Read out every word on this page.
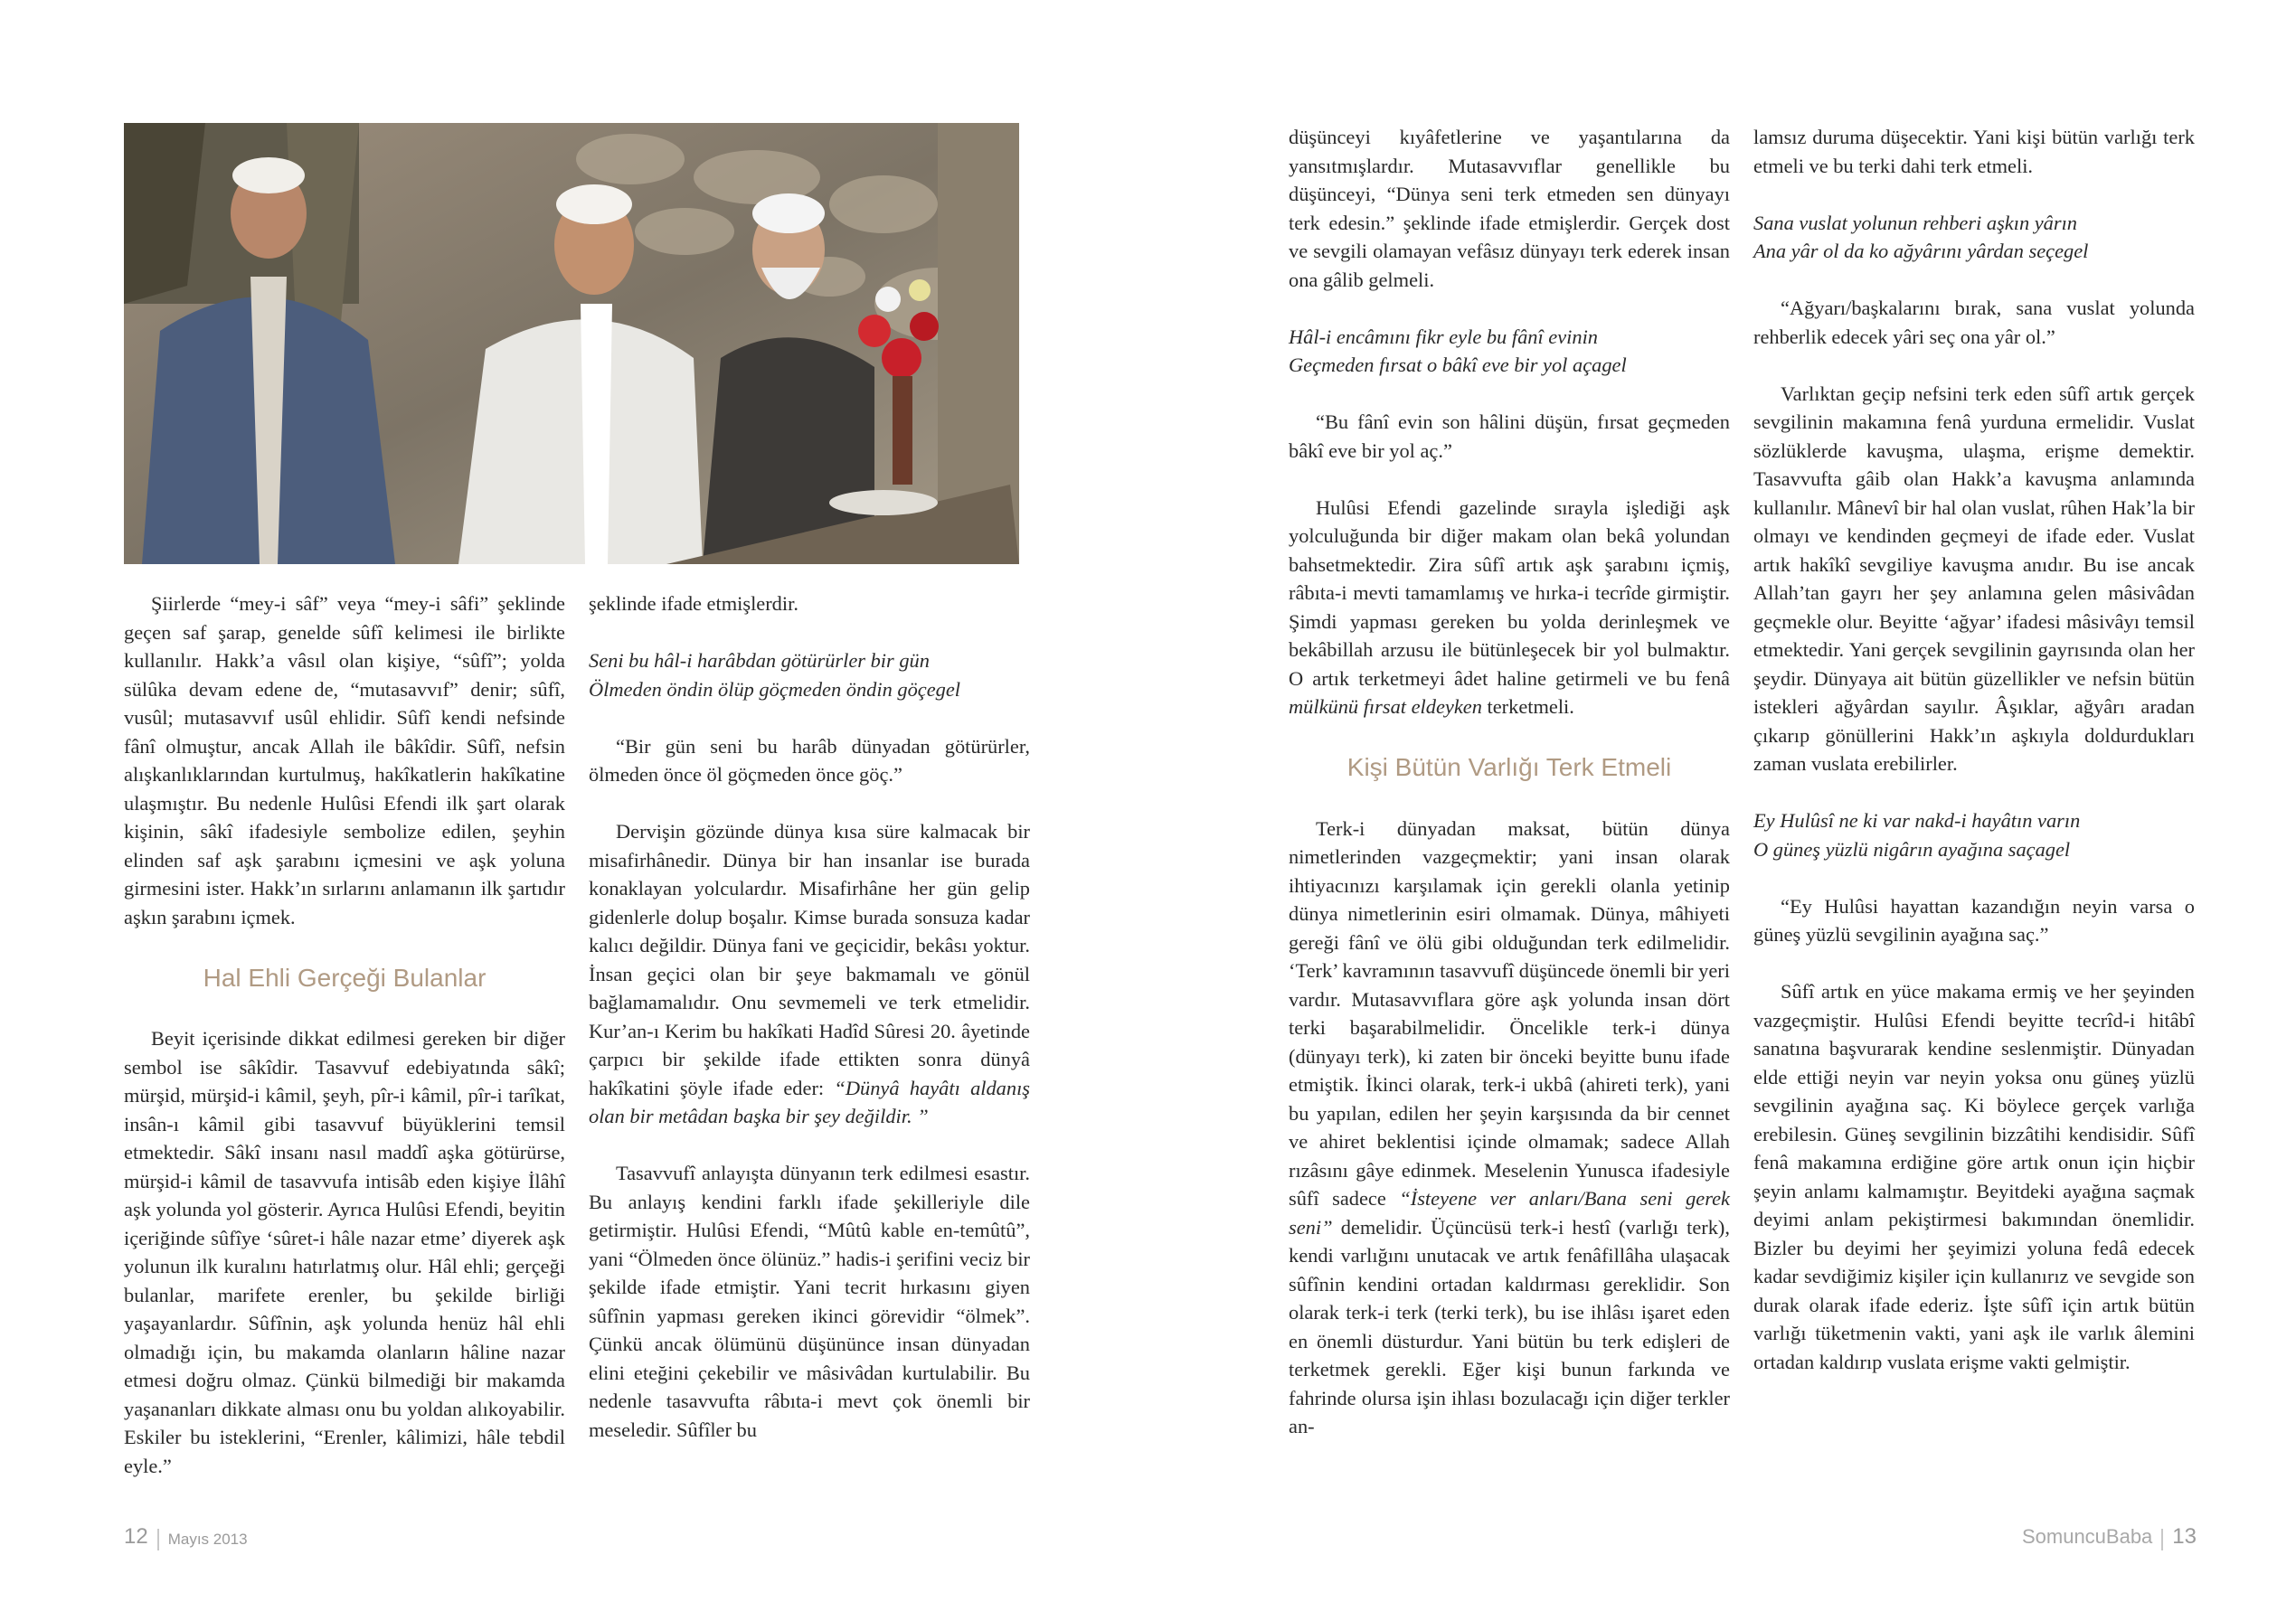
Şiirlerde “mey-i sâf” veya “mey-i sâfi” şeklinde geçen saf şarap, genelde sûfî kelimesi ile birlikte kullanılır. Hakk’a vâsıl olan kişiye, “sûfî”; yolda sülûka devam edene de, “mutasavvıf” denir; sûfî, vusûl; mutasavvıf usûl ehlidir. Sûfî kendi nefsinde fânî olmuştur, ancak Allah ile bâkîdir. Sûfî, nefsin alışkanlıklarından kurtulmuş, hakîkatlerin hakîkatine ulaşmıştır. Bu nedenle Hulûsi Efendi ilk şart olarak kişinin, sâkî ifadesiyle sembolize edilen, şeyhin elinden saf aşk şarabını içmesini ve aşk yoluna girmesini ister. Hakk’ın sırlarını anlamanın ilk şartıdır aşkın şarabını içmek.

Hal Ehli Gerçeği Bulanlar

Beyit içerisinde dikkat edilmesi gereken bir diğer sembol ise sâkîdir. Tasavvuf edebiyatında sâkî; mürşid, mürşid-i kâmil, şeyh, pîr-i kâmil, pîr-i tarîkat, insân-ı kâmil gibi tasavvuf büyüklerini temsil etmektedir. Sâkî insanı nasıl maddî aşka götürürse, mürşid-i kâmil de tasavvufa intisâb eden kişiye İlâhî aşk yolunda yol gösterir. Ayrıca Hulûsi Efendi, beyitin içeriğinde sûfîye ‘sûret-i hâle nazar etme’ diyerek aşk yolunun ilk kuralını hatırlatmış olur. Hâl ehli; gerçeği bulanlar, marifete erenler, bu şekilde birliği yaşayanlardır. Sûfînin, aşk yolunda henüz hâl ehli olmadığı için, bu makamda olanların hâline nazar etmesi doğru olmaz. Çünkü bilmediği bir makamda yaşananları dikkate alması onu bu yoldan alıkoyabilir. Eskiler bu isteklerini, “Erenler, kâlimizi, hâle tebdil eyle.”

şeklinde ifade etmişlerdir.

Seni bu hâl-i harâbdan götürürler bir gün
Ölmeden öndin ölüp göçmeden öndin göçegel

“Bir gün seni bu harâb dünyadan götürürler, ölmeden önce öl göçmeden önce göç.”

Dervişin gözünde dünya kısa süre kalmacak bir misafirhânedir. Dünya bir han insanlar ise burada konaklayan yolculardır. Misafirhâne her gün gelip gidenlerle dolup boşalır. Kimse burada sonsuza kadar kalıcı değildir. Dünya fani ve geçicidir, bekâsı yoktur. İnsan geçici olan bir şeye bakmamalı ve gönül bağlamamalıdır. Onu sevmemeli ve terk etmelidir. Kur’an-ı Kerim bu hakîkati Hadîd Sûresi 20. âyetinde çarpıcı bir şekilde ifade ettikten sonra dünyâ hakîkatini şöyle ifade eder: “Dünyâ hayâtı aldanış olan bir metâdan başka bir şey değildir. ”

Tasavvufî anlayışta dünyanın terk edilmesi esastır. Bu anlayış kendini farklı ifade şekilleriyle dile getirmiştir. Hulûsi Efendi, “Mûtû kable en-temûtû”, yani “Ölmeden önce ölünüz.” hadis-i şerifini veciz bir şekilde ifade etmiştir. Yani tecrit hırkasını giyen sûfînin yapması gereken ikinci görevidir “ölmek”. Çünkü ancak ölümünü düşününce insan dünyadan elini eteğini çekebilir ve mâsivâdan kurtulabilir. Bu nedenle tasavvufta râbıta-i mevt çok önemli bir meseledir. Sûfîler bu

düşünceyi kıyâfetlerine ve yaşantılarına da yansıtmışlardır. Mutasavvıflar genellikle bu düşünceyi, “Dünya seni terk etmeden sen dünyayı terk edesin.” şeklinde ifade etmişlerdir. Gerçek dost ve sevgili olamayan vefâsız dünyayı terk ederek insan ona gâlib gelmeli.

Hâl-i encâmını fikr eyle bu fânî evinin
Geçmeden fırsat o bâkî eve bir yol açagel

“Bu fânî evin son hâlini düşün, fırsat geçmeden bâkî eve bir yol aç.”

Hulûsi Efendi gazelinde sırayla işlediği aşk yolculuğunda bir diğer makam olan bekâ yolundan bahsetmektedir. Zira sûfî artık aşk şarabını içmiş, râbıta-i mevti tamamlamış ve hırka-i tecrîde girmiştir. Şimdi yapması gereken bu yolda derinleşmek ve bekâbillah arzusu ile bütünleşecek bir yol bulmaktır. O artık terketmeyi âdet haline getirmeli ve bu fenâ mülkünü fırsat eldeyken terketmeli.

Kişi Bütün Varlığı Terk Etmeli

Terk-i dünyadan maksat, bütün dünya nimetlerinden vazgeçmektir; yani insan olarak ihtiyacınızı karşılamak için gerekli olanla yetinip dünya nimetlerinin esiri olmamak. Dünya, mâhiyeti gereği fânî ve ölü gibi olduğundan terk edilmelidir. ‘Terk’ kavramının tasavvufî düşüncede önemli bir yeri vardır. Mutasavvıflara göre aşk yolunda insan dört terki başarabilmelidir. Öncelikle terk-i dünya (dünyayı terk), ki zaten bir önceki beyitte bunu ifade etmiştik. İkinci olarak, terk-i ukbâ (ahireti terk), yani bu yapılan, edilen her şeyin karşısında da bir cennet ve ahiret beklentisi içinde olmamak; sadece Allah rızâsını gâye edinmek. Meselenin Yunusca ifadesiyle sûfî sadece “İsteyene ver anları/Bana seni gerek seni” demelidir. Üçüncüsü terk-i hestî (varlığı terk), kendi varlığını unutacak ve artık fenâfillâha ulaşacak sûfînin kendini ortadan kaldırması gereklidir. Son olarak terk-i terk (terki terk), bu ise ihlâsı işaret eden en önemli düsturdur. Yani bütün bu terk edişleri de terketmek gerekli. Eğer kişi bunun farkında ve fahrinde olursa işin ihlası bozulacağı için diğer terkler an-

lamsız duruma düşecektir. Yani kişi bütün varlığı terk etmeli ve bu terki dahi terk etmeli.

Sana vuslat yolunun rehberi aşkın yârın
Ana yâr ol da ko ağyârını yârdan seçegel

“Ağyarı/başkalarını bırak, sana vuslat yolunda rehberlik edecek yâri seç ona yâr ol.”

Varlıktan geçip nefsini terk eden sûfî artık gerçek sevgilinin makamına fenâ yurduna ermelidir. Vuslat sözlüklerde kavuşma, ulaşma, erişme demektir. Tasavvufta gâib olan Hakk’a kavuşma anlamında kullanılır. Mânevî bir hal olan vuslat, rûhen Hak’la bir olmayı ve kendinden geçmeyi de ifade eder. Vuslat artık hakîkî sevgiliye kavuşma anıdır. Bu ise ancak Allah’tan gayrı her şey anlamına gelen mâsivâdan geçmekle olur. Beyitte ‘ağyar’ ifadesi mâsivâyı temsil etmektedir. Yani gerçek sevgilinin gayrısında olan her şeydir. Dünyaya ait bütün güzellikler ve nefsin bütün istekleri ağyârdan sayılır. Âşıklar, ağyârı aradan çıkarıp gönüllerini Hakk’ın aşkıyla doldurdukları zaman vuslata erebilirler.

Ey Hulûsî ne ki var nakd-i hayâtın varın
O güneş yüzlü nigârın ayağına saçagel

“Ey Hulûsi hayattan kazandığın neyin varsa o güneş yüzlü sevgilinin ayağına saç.”

Sûfî artık en yüce makama ermiş ve her şeyinden vazgeçmiştir. Hulûsi Efendi beyitte tecrîd-i hitâbî sanatına başvurarak kendine seslenmiştir. Dünyadan elde ettiği neyin var neyin yoksa onu güneş yüzlü sevgilinin ayağına saç. Ki böylece gerçek varlığa erebilesin. Güneş sevgilinin bizzâtihi kendisidir. Sûfî fenâ makamına erdiğine göre artık onun için hiçbir şeyin anlamı kalmamıştır. Beyitdeki ayağına saçmak deyimi anlam pekiştirmesi bakımından önemlidir. Bizler bu deyimi her şeyimizi yoluna fedâ edecek kadar sevdiğimiz kişiler için kullanırız ve sevgide son durak olarak ifade ederiz. İşte sûfî için artık bütün varlığı tüketmenin vakti, yani aşk ile varlık âlemini ortadan kaldırıp vuslata erişme vakti gelmiştir.

12 Mayıs 2013	SomuncuBaba 13
